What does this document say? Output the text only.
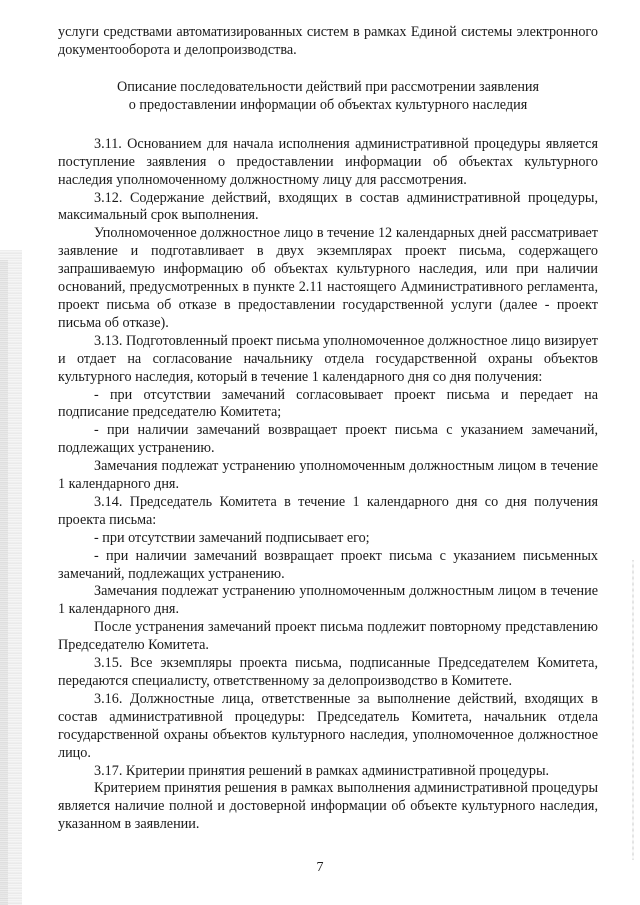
услуги средствами автоматизированных систем в рамках Единой системы электронного документооборота и делопроизводства.

Описание последовательности действий при рассмотрении заявления
о предоставлении информации об объектах культурного наследия

3.11. Основанием для начала исполнения административной процедуры является поступление заявления о предоставлении информации об объектах культурного наследия уполномоченному должностному лицу для рассмотрения.

3.12. Содержание действий, входящих в состав административной процедуры, максимальный срок выполнения.

Уполномоченное должностное лицо в течение 12 календарных дней рассматривает заявление и подготавливает в двух экземплярах проект письма, содержащего запрашиваемую информацию об объектах культурного наследия, или при наличии оснований, предусмотренных в пункте 2.11 настоящего Административного регламента, проект письма об отказе в предоставлении государственной услуги (далее - проект письма об отказе).

3.13. Подготовленный проект письма уполномоченное должностное лицо визирует и отдает на согласование начальнику отдела государственной охраны объектов культурного наследия, который в течение 1 календарного дня со дня получения:

- при отсутствии замечаний согласовывает проект письма и передает на подписание председателю Комитета;

- при наличии замечаний возвращает проект письма с указанием замечаний, подлежащих устранению.

Замечания подлежат устранению уполномоченным должностным лицом в течение 1 календарного дня.

3.14. Председатель Комитета в течение 1 календарного дня со дня получения проекта письма:

- при отсутствии замечаний подписывает его;

- при наличии замечаний возвращает проект письма с указанием письменных замечаний, подлежащих устранению.

Замечания подлежат устранению уполномоченным должностным лицом в течение 1 календарного дня.

После устранения замечаний проект письма подлежит повторному представлению Председателю Комитета.

3.15. Все экземпляры проекта письма, подписанные Председателем Комитета, передаются специалисту, ответственному за делопроизводство в Комитете.

3.16. Должностные лица, ответственные за выполнение действий, входящих в состав административной процедуры: Председатель Комитета, начальник отдела государственной охраны объектов культурного наследия, уполномоченное должностное лицо.

3.17. Критерии принятия решений в рамках административной процедуры.

Критерием принятия решения в рамках выполнения административной процедуры является наличие полной и достоверной информации об объекте культурного наследия, указанном в заявлении.

7
